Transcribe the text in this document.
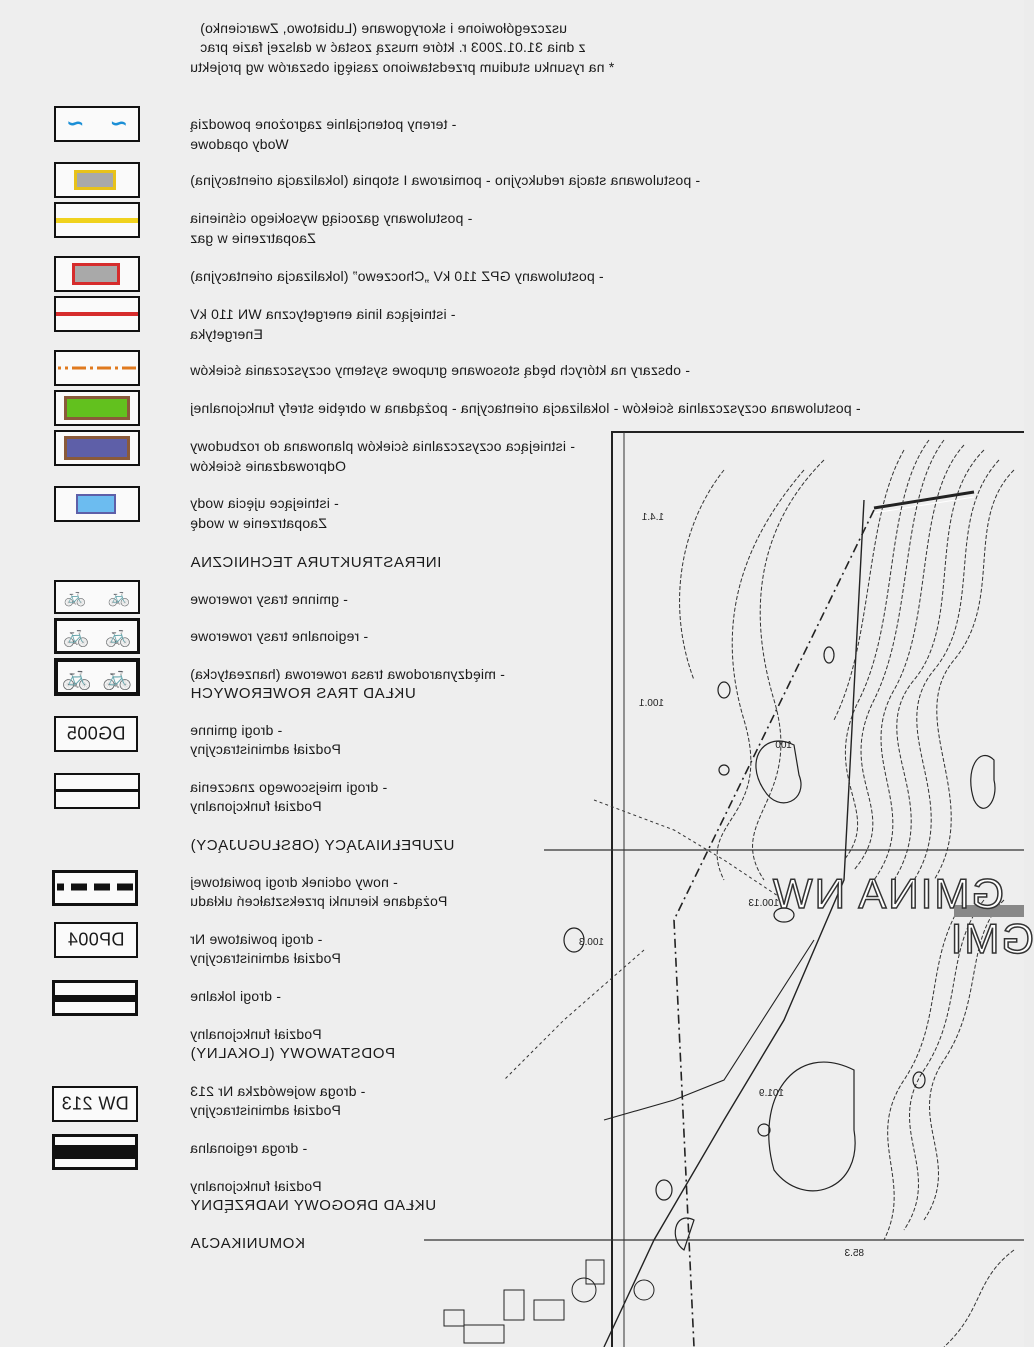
100.1
100
100.13
100.3
101.9
1.4.1
85.3
GMINA NW
GMI
* na rysunku studium przedstawiono zasięgi obszarów wg projektu
z dnia 31.01.2003 r. które muszą zostać w dalszej fazie prac
uszczegółowione i skorygowane (Lubiatowo, Zwarcienko)
- tereny potencjalnie zagrożone powodzią
Wody opadowe
- postulowana stacja redukcyjno - pomiarowa I stopnia (lokalizacja orientacyjna)
- postulowany gazociąg wysokiego ciśnienia
Zaopatrzenie w gaz
- postulowany GPZ 110 kV „Choczewo” (lokalizacja orientacyjna)
- istniejąca linia energetyczna WN 110 kV
Energetyka
- obszary na których będą stosowane grupowe systemy oczyszczania ścieków
- postulowana oczyszczalnia ścieków - lokalizacja orientacyjna - pożądana w obrębie strefy funkcjonalnej
- istniejąca oczyszczalnia ścieków planowana do rozbudowy
Odprowadzanie ścieków
- istniejące ujęcia wody
Zaopatrzenie w wodę
INFRASTRUKTURA TECHNICZNA
- gminne trasy rowerowe
- regionalne trasy rowerowe
- międzynarodowa trasa rowerowa (hanzeatycka)
UKŁAD TRAS ROWEROWYCH
- drogi gminne
Podział administracyjny
- drogi miejscowego znaczenia
Podział funkcjonalny
UZUPEŁNIAJĄCY (OBSŁUGUJĄCY)
- nowy odcinek drogi powiatowej
Pożądane kierunki przekształceń układu
- drogi powiatowe Nr
Podział administracyjny
- drogi lokalne
Podział funkcjonalny
PODSTAWOWY (LOKALNY)
- droga wojewódzka Nr 213
Podział administracyjny
- droga regionalna
Podział funkcjonalny
UKŁAD DROGOWY NADRZĘDNY
KOMUNIKACJA
~
~
🚲
🚲
🚲
🚲
🚲
🚲
DG005
DP004
DW 213
